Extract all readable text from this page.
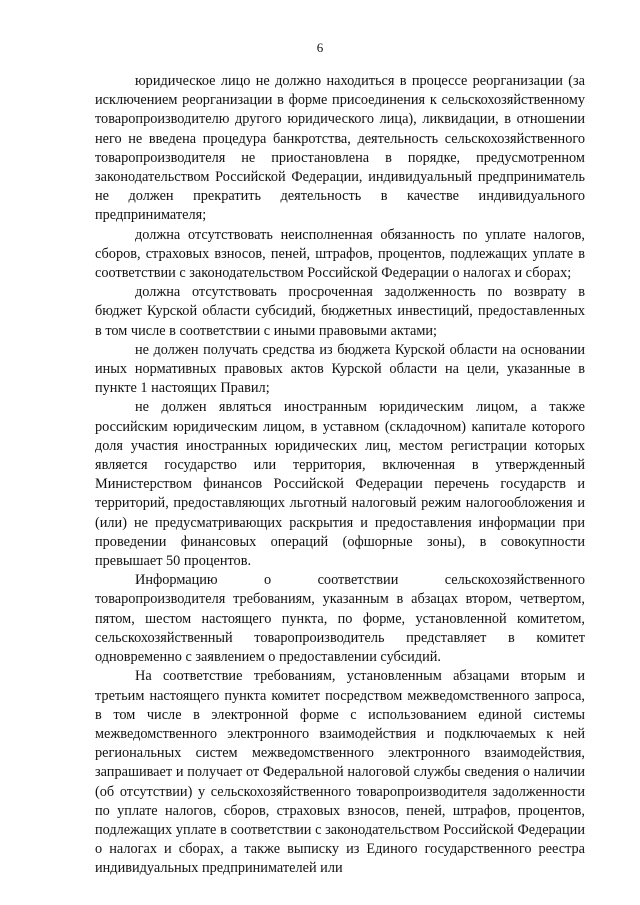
6

юридическое лицо не должно находиться в процессе реорганизации (за исключением реорганизации в форме присоединения к сельскохозяйственному товаропроизводителю другого юридического лица), ликвидации, в отношении него не введена процедура банкротства, деятельность сельскохозяйственного товаропроизводителя не приостановлена в порядке, предусмотренном законодательством Российской Федерации, индивидуальный предприниматель не должен прекратить деятельность в качестве индивидуального предпринимателя;

должна отсутствовать неисполненная обязанность по уплате налогов, сборов, страховых взносов, пеней, штрафов, процентов, подлежащих уплате в соответствии с законодательством Российской Федерации о налогах и сборах;

должна отсутствовать просроченная задолженность по возврату в бюджет Курской области субсидий, бюджетных инвестиций, предоставленных в том числе в соответствии с иными правовыми актами;

не должен получать средства из бюджета Курской области на основании иных нормативных правовых актов Курской области на цели, указанные в пункте 1 настоящих Правил;

не должен являться иностранным юридическим лицом, а также российским юридическим лицом, в уставном (складочном) капитале которого доля участия иностранных юридических лиц, местом регистрации которых является государство или территория, включенная в утвержденный Министерством финансов Российской Федерации перечень государств и территорий, предоставляющих льготный налоговый режим налогообложения и (или) не предусматривающих раскрытия и предоставления информации при проведении финансовых операций (офшорные зоны), в совокупности превышает 50 процентов.

Информацию о соответствии сельскохозяйственного товаропроизводителя требованиям, указанным в абзацах втором, четвертом, пятом, шестом настоящего пункта, по форме, установленной комитетом, сельскохозяйственный товаропроизводитель представляет в комитет одновременно с заявлением о предоставлении субсидий.

На соответствие требованиям, установленным абзацами вторым и третьим настоящего пункта комитет посредством межведомственного запроса, в том числе в электронной форме с использованием единой системы межведомственного электронного взаимодействия и подключаемых к ней региональных систем межведомственного электронного взаимодействия, запрашивает и получает от Федеральной налоговой службы сведения о наличии (об отсутствии) у сельскохозяйственного товаропроизводителя задолженности по уплате налогов, сборов, страховых взносов, пеней, штрафов, процентов, подлежащих уплате в соответствии с законодательством Российской Федерации о налогах и сборах, а также выписку из Единого государственного реестра индивидуальных предпринимателей или
